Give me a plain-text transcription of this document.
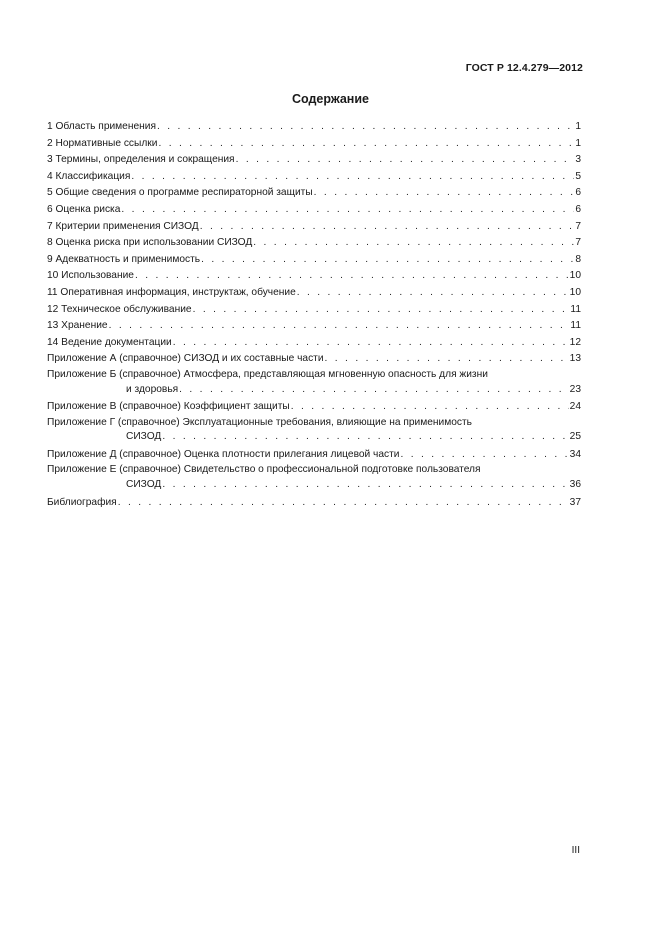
ГОСТ Р 12.4.279—2012
Содержание
1 Область применения . . .	1
2 Нормативные ссылки . . .	1
3 Термины, определения и сокращения . . .	3
4 Классификация . . .	5
5 Общие сведения о программе респираторной защиты . . .	6
6 Оценка риска . . .	6
7 Критерии применения СИЗОД . . .	7
8 Оценка риска при использовании СИЗОД . . .	7
9 Адекватность и применимость . . .	8
10 Использование . . .	10
11 Оперативная информация, инструктаж, обучение . . .	10
12 Техническое обслуживание . . .	11
13 Хранение . . .	11
14 Ведение документации . . .	12
Приложение А (справочное) СИЗОД и их составные части . . .	13
Приложение Б (справочное) Атмосфера, представляющая мгновенную опасность для жизни
и здоровья . . .	23
Приложение В (справочное) Коэффициент защиты . . .	24
Приложение Г (справочное) Эксплуатационные требования, влияющие на применимость
СИЗОД . . .	25
Приложение Д (справочное) Оценка плотности прилегания лицевой части . . .	34
Приложение Е (справочное) Свидетельство о профессиональной подготовке пользователя
СИЗОД . . .	36
Библиография . . .	37
III
